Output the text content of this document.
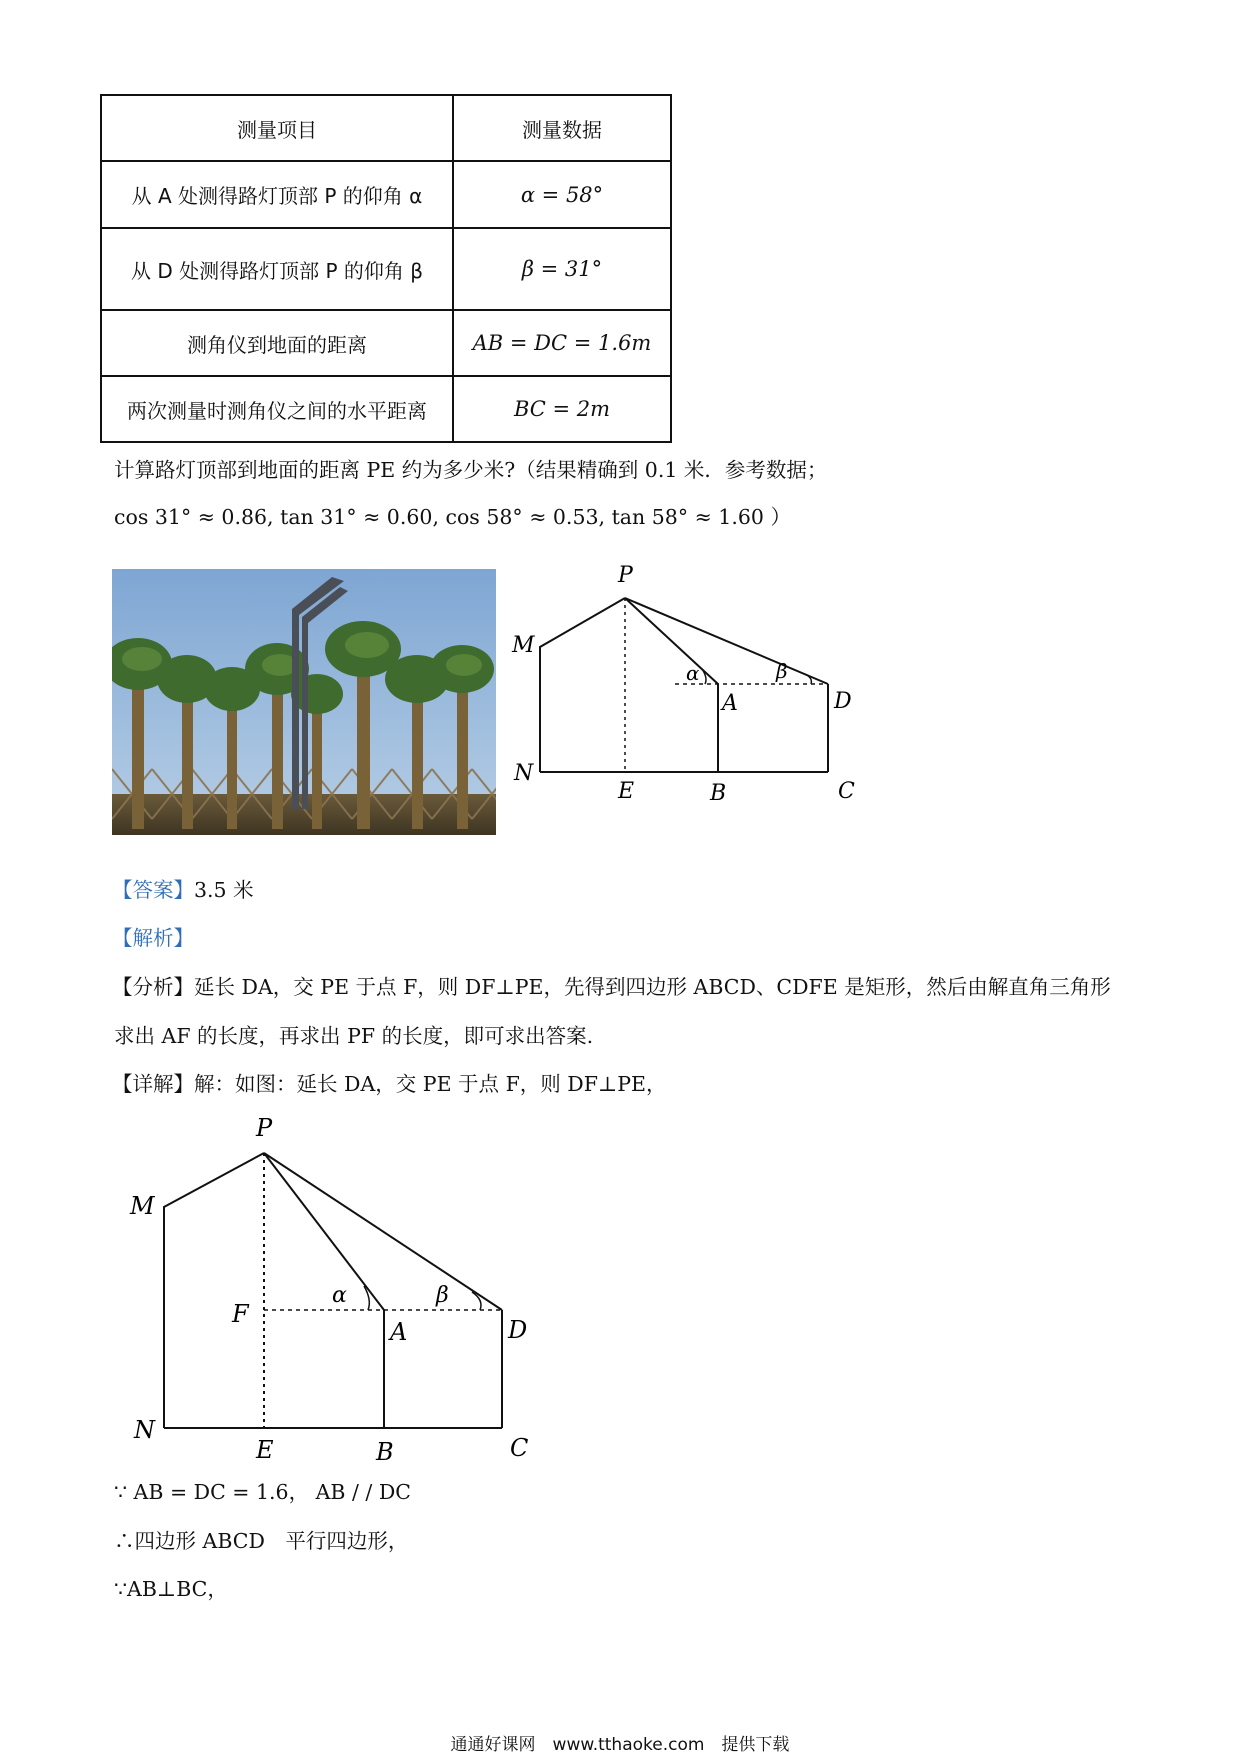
测量项目	测量数据
从 A 处测得路灯顶部 P 的仰角 α	α = 58°
从 D 处测得路灯顶部 P 的仰角 β	β = 31°
测角仪到地面的距离	AB = DC = 1.6m
两次测量时测角仪之间的水平距离	BC = 2m
计算路灯顶部到地面的距离 PE 约为多少米?（结果精确到 0.1 米．参考数据；
cos 31° ≈ 0.86, tan 31° ≈ 0.60, cos 58° ≈ 0.53, tan 58° ≈ 1.60 ）
P
M
N
E	B	C
A	D
α	β
【答案】3.5 米
【解析】
【分析】延长 DA，交 PE 于点 F，则 DF⊥PE，先得到四边形 ABCD、CDFE 是矩形，然后由解直角三角形
求出 AF 的长度，再求出 PF 的长度，即可求出答案.
【详解】解：如图：延长 DA，交 PE 于点 F，则 DF⊥PE，
P
M
F
N
E	B	C
A	D
α	β
∵ AB = DC = 1.6， AB / / DC
∴四边形 ABCD　平行四边形，
∵AB⊥BC，
通通好课网　www.tthaoke.com　提供下载
